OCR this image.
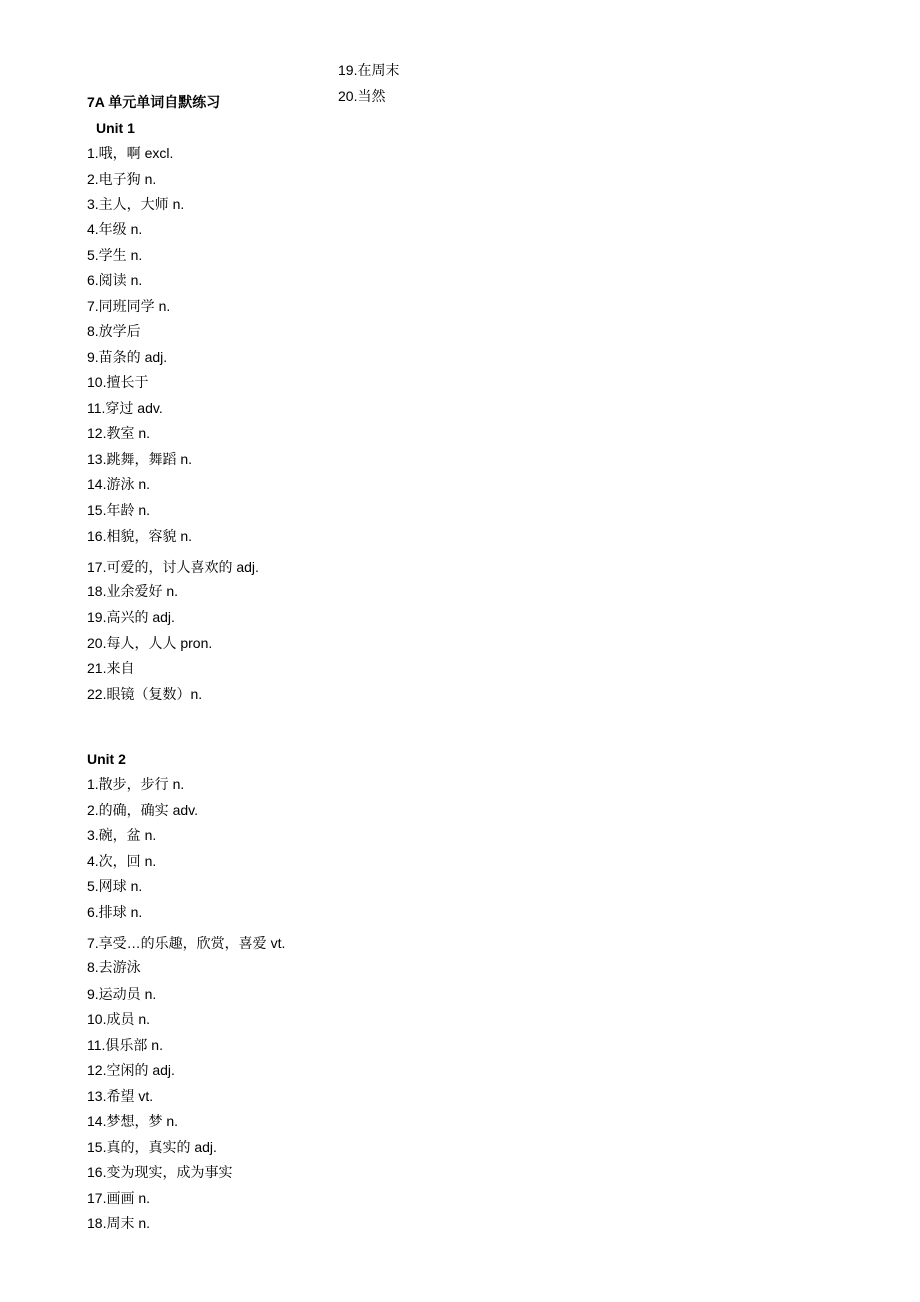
19.在周末
20.当然
7A 单元单词自默练习
Unit 1
1.哦，啊 excl.
2.电子狗 n.
3.主人，大师 n.
4.年级 n.
5.学生 n.
6.阅读 n.
7.同班同学 n.
8.放学后
9.苗条的 adj.
10.擅长于
11.穿过 adv.
12.教室 n.
13.跳舞，舞蹈 n.
14.游泳 n.
15.年龄 n.
16.相貌，容貌 n.
17.可爱的，讨人喜欢的 adj.
18.业余爱好 n.
19.高兴的 adj.
20.每人，人人 pron.
21.来自
22.眼镜（复数）n.
Unit 2
1.散步，步行 n.
2.的确，确实 adv.
3.碗，盆 n.
4.次，回 n.
5.网球 n.
6.排球 n.
7.享受…的乐趣，欣赏，喜爱 vt.
8.去游泳
9.运动员 n.
10.成员 n.
11.俱乐部 n.
12.空闲的 adj.
13.希望 vt.
14.梦想，梦 n.
15.真的，真实的 adj.
16.变为现实，成为事实
17.画画 n.
18.周末 n.
